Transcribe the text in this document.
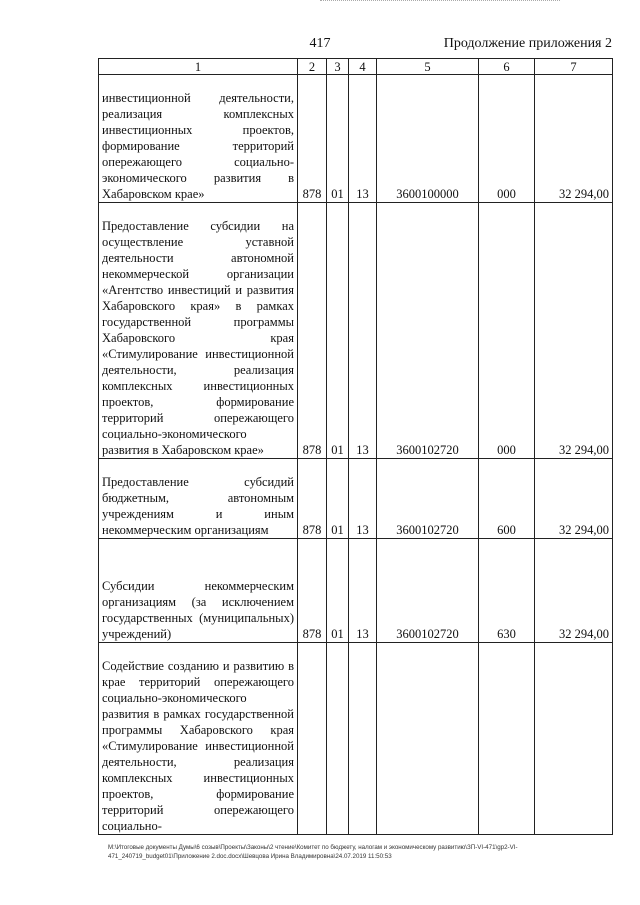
417	Продолжение приложения 2
1	2	3	4	5	6	7
инвестиционной деятельности, реализация комплексных инвестиционных проектов, формирование территорий опережающего социально-экономического развития в Хабаровском крае»	878	01	13	3600100000	000	32 294,00
Предоставление субсидии на осуществление уставной деятельности автономной некоммерческой организации «Агентство инвестиций и развития Хабаровского края» в рамках государственной программы Хабаровского края «Стимулирование инвестиционной деятельности, реализация комплексных инвестиционных проектов, формирование территорий опережающего социально-экономического развития в Хабаровском крае»	878	01	13	3600102720	000	32 294,00
Предоставление субсидий бюджетным, автономным учреждениям и иным некоммерческим организациям	878	01	13	3600102720	600	32 294,00
Субсидии некоммерческим организациям (за исключением государственных (муниципальных) учреждений)	878	01	13	3600102720	630	32 294,00
Содействие созданию и развитию в крае территорий опережающего социально-экономического развития в рамках государственной программы Хабаровского края «Стимулирование инвестиционной деятельности, реализация комплексных инвестиционных проектов, формирование территорий опережающего социально-						
M:\Итоговые документы Думы\6 созыв\Проекты\Законы\2 чтение\Комитет по бюджету, налогам и экономическому развитию\ЗП-VI-471\gp2-VI-
471_240719_budget01\Приложение 2.doc.docx\Шевцова Ирина Владимировна\24.07.2019 11:50:53
